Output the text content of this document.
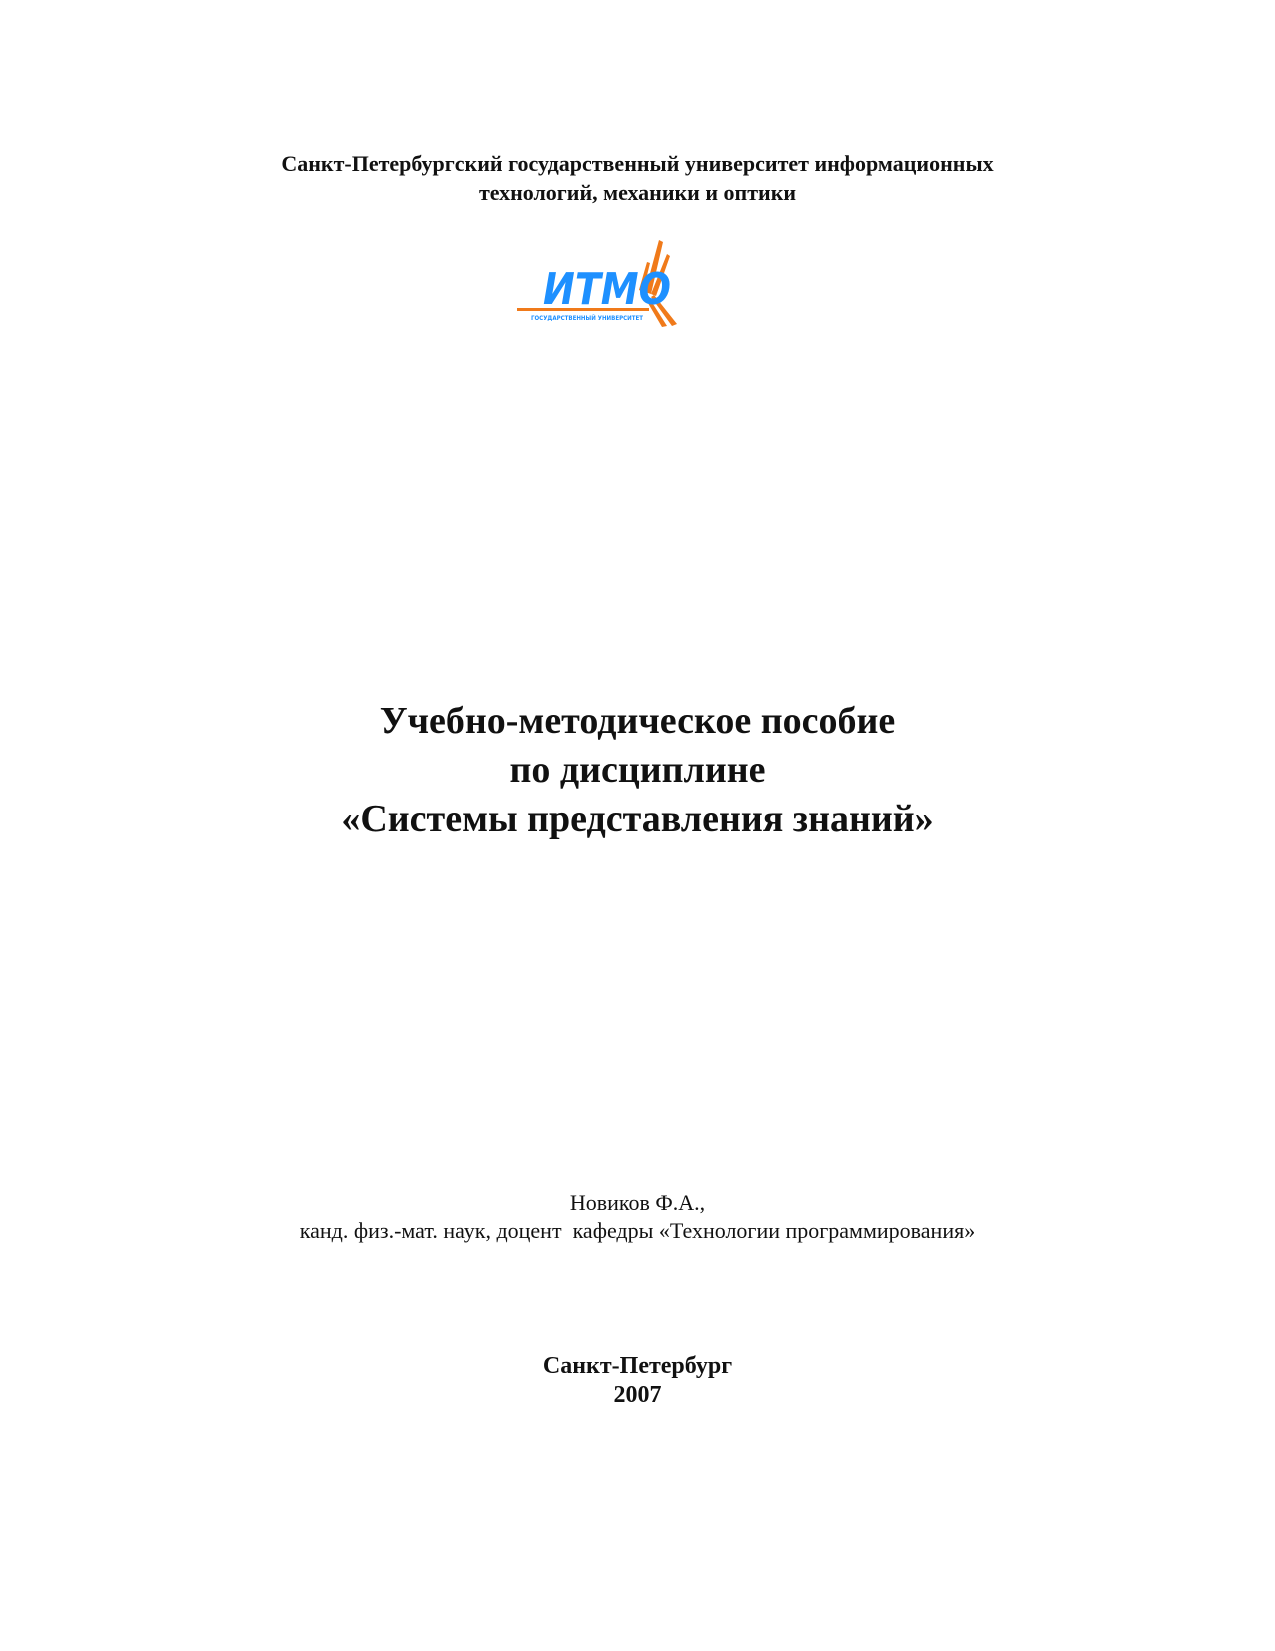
Санкт-Петербургский государственный университет информационных
технологий, механики и оптики
ИТМО
ГОСУДАРСТВЕННЫЙ УНИВЕРСИТЕТ
Учебно-методическое пособие
по дисциплине
«Системы представления знаний»
Новиков Ф.А.,
канд. физ.-мат. наук, доцент  кафедры «Технологии программирования»
Санкт-Петербург
2007
